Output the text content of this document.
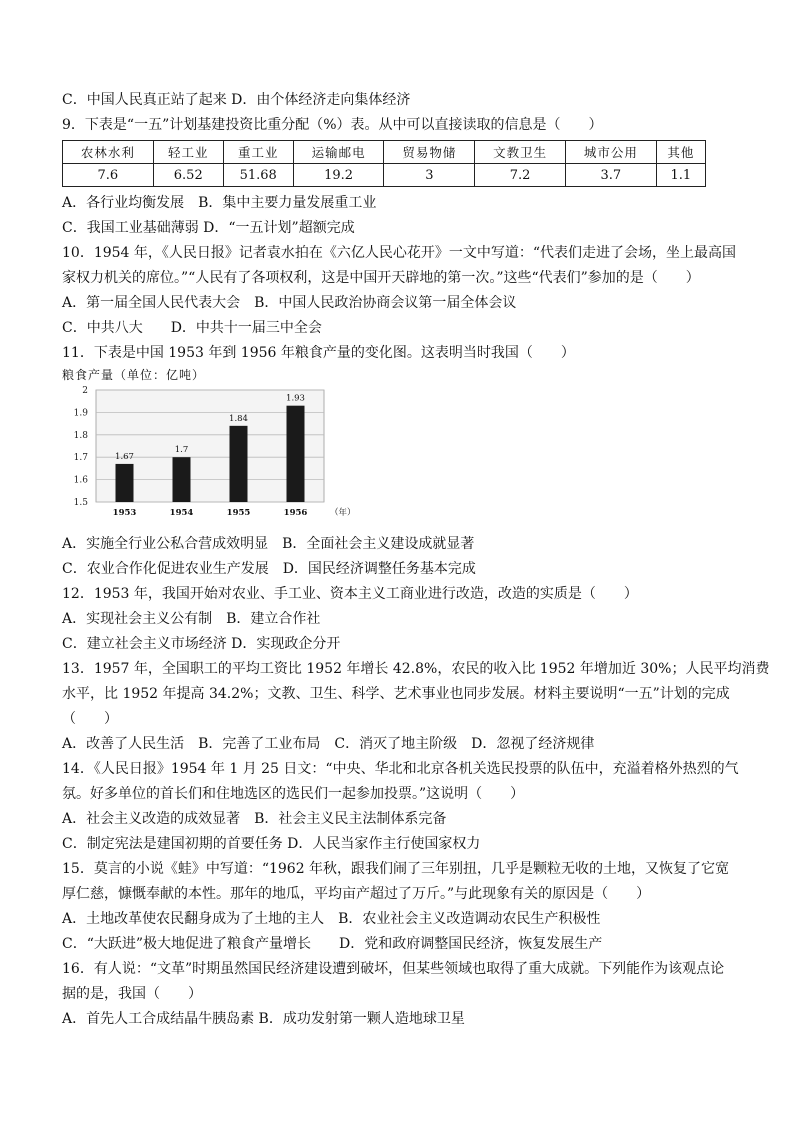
C．中国人民真正站了起来 D．由个体经济走向集体经济
9．下表是“一五”计划基建投资比重分配（%）表。从中可以直接读取的信息是（　　）
农林水利	轻工业	重工业	运输邮电	贸易物储	文教卫生	城市公用	其他
7.6	6.52	51.68	19.2	3	7.2	3.7	1.1
A．各行业均衡发展　B．集中主要力量发展重工业
C．我国工业基础薄弱 D．“一五计划”超额完成
10．1954 年，《人民日报》记者袁水拍在《六亿人民心花开》一文中写道：“代表们走进了会场，坐上最高国
家权力机关的席位。”“人民有了各项权利，这是中国开天辟地的第一次。”这些“代表们”参加的是（　　）
A．第一届全国人民代表大会　B．中国人民政治协商会议第一届全体会议
C．中共八大　　D．中共十一届三中全会
11．下表是中国 1953 年到 1956 年粮食产量的变化图。这表明当时我国（　　）
粮食产量（单位：亿吨）
1.5
1.6
1.7
1.8
1.9
2
1.67
1953
1.7
1954
1.84
1955
1.93
1956	（年）
A．实施全行业公私合营成效明显　B．全面社会主义建设成就显著
C．农业合作化促进农业生产发展　D．国民经济调整任务基本完成
12．1953 年，我国开始对农业、手工业、资本主义工商业进行改造，改造的实质是（　　）
A．实现社会主义公有制　B．建立合作社
C．建立社会主义市场经济 D．实现政企分开
13．1957 年，全国职工的平均工资比 1952 年增长 42.8%，农民的收入比 1952 年增加近 30%；人民平均消费
水平，比 1952 年提高 34.2%；文教、卫生、科学、艺术事业也同步发展。材料主要说明“一五”计划的完成
（　　）
A．改善了人民生活　B．完善了工业布局　C．消灭了地主阶级　D．忽视了经济规律
14．《人民日报》1954 年 1 月 25 日文：“中央、华北和北京各机关选民投票的队伍中，充溢着格外热烈的气
氛。好多单位的首长们和住地选区的选民们一起参加投票。”这说明（　　）
A．社会主义改造的成效显著　B．社会主义民主法制体系完备
C．制定宪法是建国初期的首要任务 D．人民当家作主行使国家权力
15．莫言的小说《蛙》中写道：“1962 年秋，跟我们闹了三年别扭，几乎是颗粒无收的土地，又恢复了它宽
厚仁慈，慷慨奉献的本性。那年的地瓜，平均亩产超过了万斤。”与此现象有关的原因是（　　）
A．土地改革使农民翻身成为了土地的主人　B．农业社会主义改造调动农民生产积极性
C．“大跃进”极大地促进了粮食产量增长　　D．党和政府调整国民经济，恢复发展生产
16．有人说：“文革”时期虽然国民经济建设遭到破坏，但某些领域也取得了重大成就。下列能作为该观点论
据的是，我国（　　）
A．首先人工合成结晶牛胰岛素 B．成功发射第一颗人造地球卫星
